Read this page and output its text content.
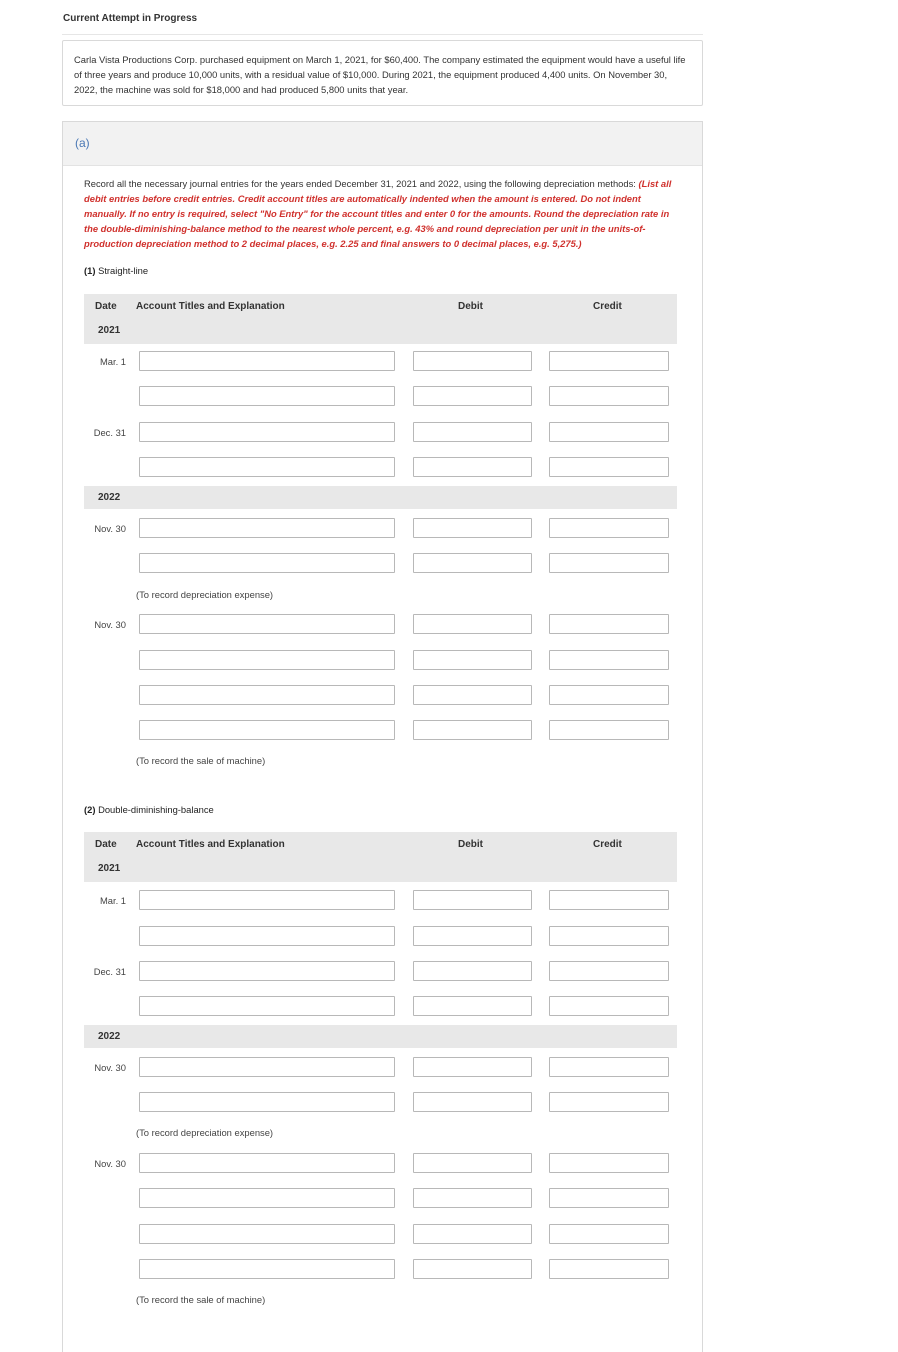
Current Attempt in Progress
Carla Vista Productions Corp. purchased equipment on March 1, 2021, for $60,400. The company estimated the equipment would have a useful life of three years and produce 10,000 units, with a residual value of $10,000. During 2021, the equipment produced 4,400 units. On November 30, 2022, the machine was sold for $18,000 and had produced 5,800 units that year.
(a)
Record all the necessary journal entries for the years ended December 31, 2021 and 2022, using the following depreciation methods: (List all debit entries before credit entries. Credit account titles are automatically indented when the amount is entered. Do not indent manually. If no entry is required, select "No Entry" for the account titles and enter 0 for the amounts. Round the depreciation rate in the double-diminishing-balance method to the nearest whole percent, e.g. 43% and round depreciation per unit in the units-of-production depreciation method to 2 decimal places, e.g. 2.25 and final answers to 0 decimal places, e.g. 5,275.)
(1) Straight-line
Date Account Titles and Explanation	Debit	Credit
2021
Mar. 1
Dec. 31
2022
Nov. 30
(To record depreciation expense)
Nov. 30
(To record the sale of machine)
(2) Double-diminishing-balance
Date Account Titles and Explanation	Debit	Credit
2021
Mar. 1
Dec. 31
2022
Nov. 30
(To record depreciation expense)
Nov. 30
(To record the sale of machine)
